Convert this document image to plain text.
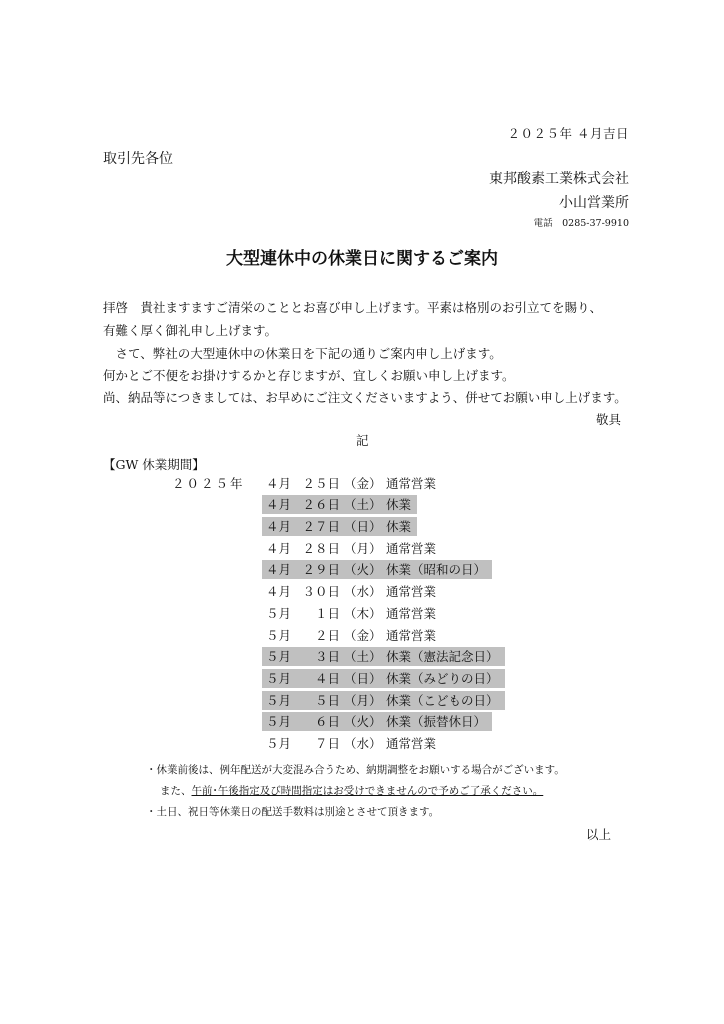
２０２５年 ４月吉日
取引先各位
東邦酸素工業株式会社
小山営業所
電話　 0285-37-9910
大型連休中の休業日に関するご案内
拝啓　貴社ますますご清栄のこととお喜び申し上げます。平素は格別のお引立てを賜り、
有難く厚く御礼申し上げます。
　さて、弊社の大型連休中の休業日を下記の通りご案内申し上げます。
何かとご不便をお掛けするかと存じますが、宜しくお願い申し上げます。
尚、納品等につきましては、お早めにご注文くださいますよう、併せてお願い申し上げます。
敬具
記
【GW 休業期間】
２０２５年 ４月 ２５日 （金） 通常営業
４月 ２６日 （土） 休業
４月 ２７日 （日） 休業
４月 ２８日 （月） 通常営業
４月 ２９日 （火） 休業（昭和の日）
４月 ３０日 （水） 通常営業
５月	１日 （木） 通常営業
５月	２日 （金） 通常営業
５月	３日 （土） 休業（憲法記念日）
５月	４日 （日） 休業（みどりの日）
５月	５日 （月） 休業（こどもの日）
５月	６日 （火） 休業（振替休日）
５月	７日 （水） 通常営業
・休業前後は、例年配送が大変混み合うため、納期調整をお願いする場合がございます。
また、午前･午後指定及び時間指定はお受けできませんので予めご了承ください。
・土日、祝日等休業日の配送手数料は別途とさせて頂きます。
以上
